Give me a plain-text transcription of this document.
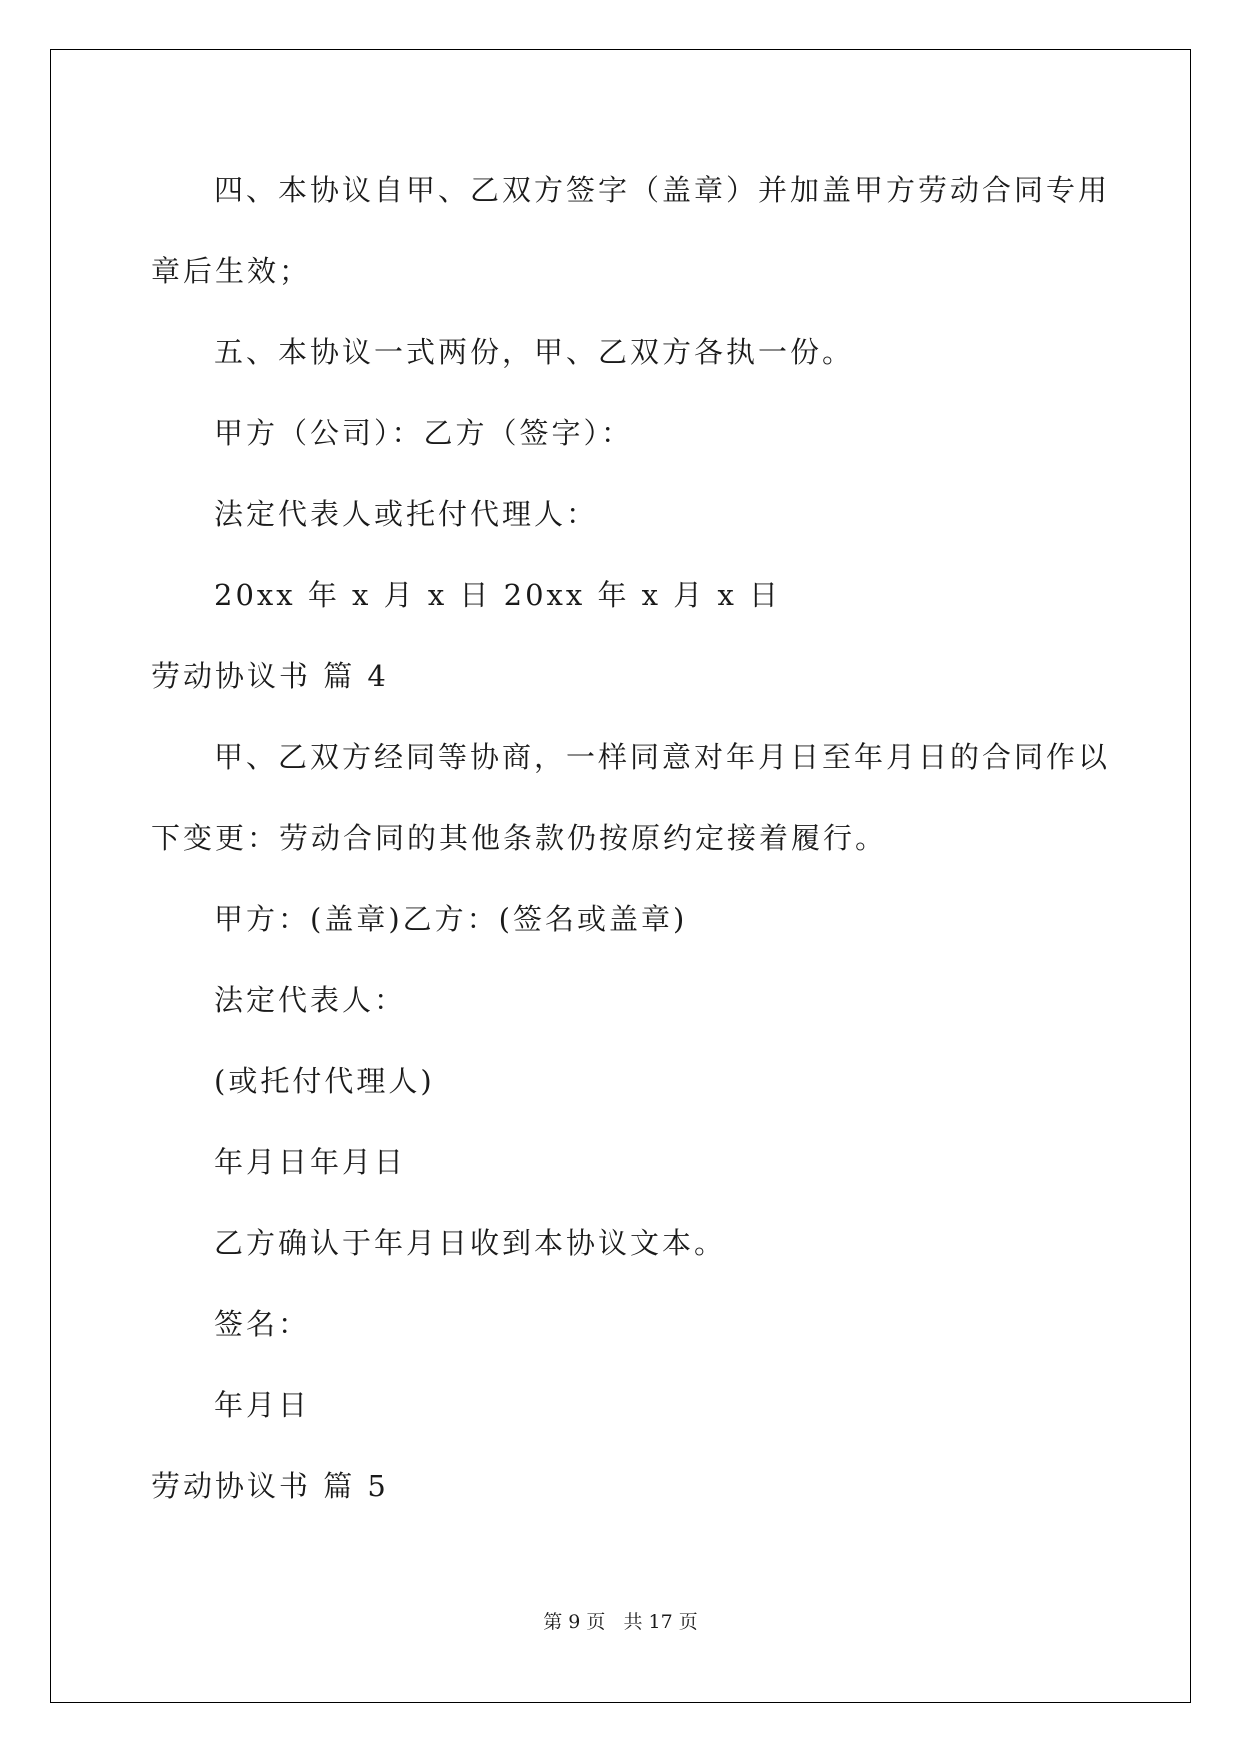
四、本协议自甲、乙双方签字（盖章）并加盖甲方劳动合同专用
章后生效；
五、本协议一式两份，甲、乙双方各执一份。
甲方（公司）：乙方（签字）：
法定代表人或托付代理人：
20xx 年 x 月 x 日 20xx 年 x 月 x 日
劳动协议书 篇 4
甲、乙双方经同等协商，一样同意对年月日至年月日的合同作以
下变更：劳动合同的其他条款仍按原约定接着履行。
甲方：(盖章)乙方：(签名或盖章)
法定代表人：
(或托付代理人)
年月日年月日
乙方确认于年月日收到本协议文本。
签名：
年月日
劳动协议书 篇 5
第 9 页 共 17 页
